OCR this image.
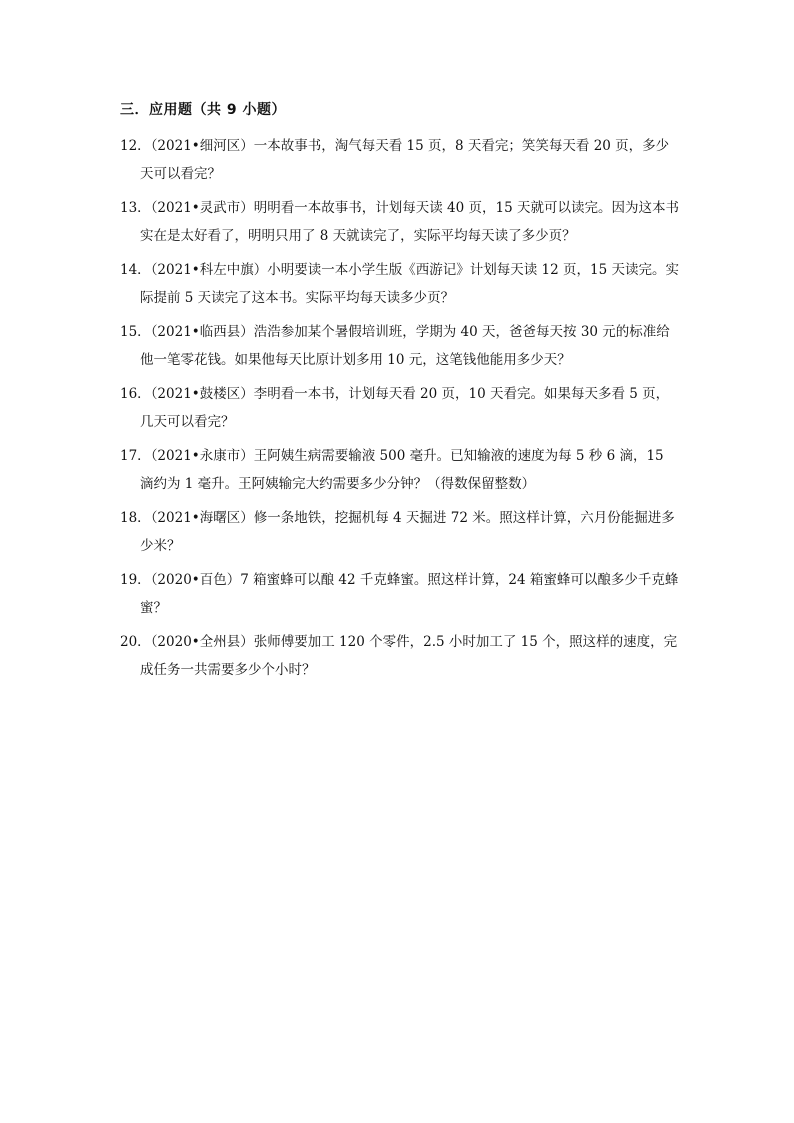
三．应用题（共 9 小题）
12．（2021•细河区）一本故事书，淘气每天看 15 页，8 天看完；笑笑每天看 20 页，多少天可以看完？
13．（2021•灵武市）明明看一本故事书，计划每天读 40 页，15 天就可以读完。因为这本书实在是太好看了，明明只用了 8 天就读完了，实际平均每天读了多少页？
14．（2021•科左中旗）小明要读一本小学生版《西游记》计划每天读 12 页，15 天读完。实际提前 5 天读完了这本书。实际平均每天读多少页？
15．（2021•临西县）浩浩参加某个暑假培训班，学期为 40 天，爸爸每天按 30 元的标准给他一笔零花钱。如果他每天比原计划多用 10 元，这笔钱他能用多少天？
16．（2021•鼓楼区）李明看一本书，计划每天看 20 页，10 天看完。如果每天多看 5 页，几天可以看完？
17．（2021•永康市）王阿姨生病需要输液 500 毫升。已知输液的速度为每 5 秒 6 滴，15 滴约为 1 毫升。王阿姨输完大约需要多少分钟？（得数保留整数）
18．（2021•海曙区）修一条地铁，挖掘机每 4 天掘进 72 米。照这样计算，六月份能掘进多少米？
19．（2020•百色）7 箱蜜蜂可以酿 42 千克蜂蜜。照这样计算，24 箱蜜蜂可以酿多少千克蜂蜜？
20．（2020•全州县）张师傅要加工 120 个零件，2.5 小时加工了 15 个，照这样的速度，完成任务一共需要多少个小时？
